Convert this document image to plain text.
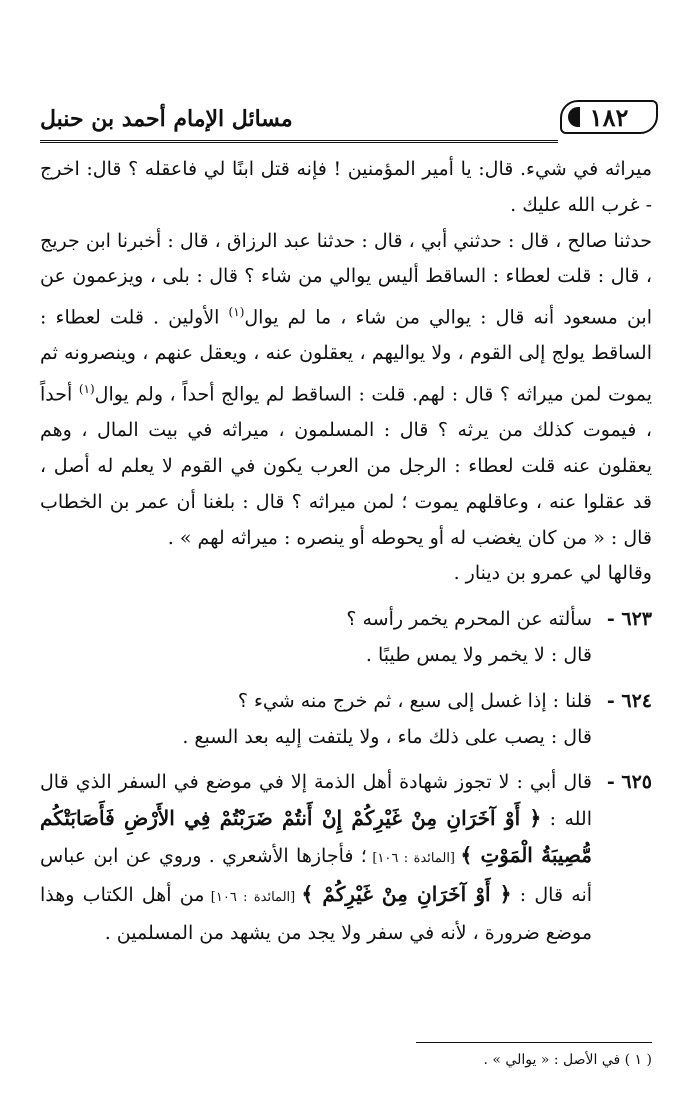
١٨٢
مسائل الإمام أحمد بن حنبل

ميراثه في شيء. قال: يا أمير المؤمنين ! فإنه قتل ابنًا لي فاعقله ؟ قال: اخرج - غرب الله عليك .

حدثنا صالح ، قال : حدثني أبي ، قال : حدثنا عبد الرزاق ، قال : أخبرنا ابن جريج ، قال : قلت لعطاء : الساقط أليس يوالي من شاء ؟ قال : بلى ، ويزعمون عن ابن مسعود أنه قال : يوالي من شاء ، ما لم يوال$^{(١)}$ الأولين . قلت لعطاء : الساقط يولج إلى القوم ، ولا يواليهم ، يعقلون عنه ، ويعقل عنهم ، وينصرونه ثم يموت لمن ميراثه ؟ قال : لهم. قلت : الساقط لم يوالج أحداً ، ولم يوال$^{(١)}$ أحداً ، فيموت كذلك من يرثه ؟ قال : المسلمون ، ميراثه في بيت المال ، وهم يعقلون عنه قلت لعطاء : الرجل من العرب يكون في القوم لا يعلم له أصل ، قد عقلوا عنه ، وعاقلهم يموت ؛ لمن ميراثه ؟ قال : بلغنا أن عمر بن الخطاب قال : « من كان يغضب له أو يحوطه أو ينصره : ميراثه لهم » .

وقالها لي عمرو بن دينار .

٦٢٣ -

سألته عن المحرم يخمر رأسه ؟

قال : لا يخمر ولا يمس طيبًا .

٦٢٤ -

قلنا : إذا غسل إلى سبع ، ثم خرج منه شيء ؟

قال : يصب على ذلك ماء ، ولا يلتفت إليه بعد السبع .

٦٢٥ -

قال أبي : لا تجوز شهادة أهل الذمة إلا في موضع في السفر الذي قال الله : ﴿ أَوْ آخَرَانِ مِنْ غَيْرِكُمْ إِنْ أَنتُمْ ضَرَبْتُمْ فِي الأَرْضِ فَأَصَابَتْكُم مُّصِيبَةُ الْمَوْتِ ﴾ [المائدة : ١٠٦] ؛ فأجازها الأشعري . وروي عن ابن عباس أنه قال : ﴿ أَوْ آخَرَانِ مِنْ غَيْرِكُمْ ﴾ [المائدة : ١٠٦] من أهل الكتاب وهذا موضع ضرورة ، لأنه في سفر ولا يجد من يشهد من المسلمين .

( ١ ) في الأصل : « يوالي » .
